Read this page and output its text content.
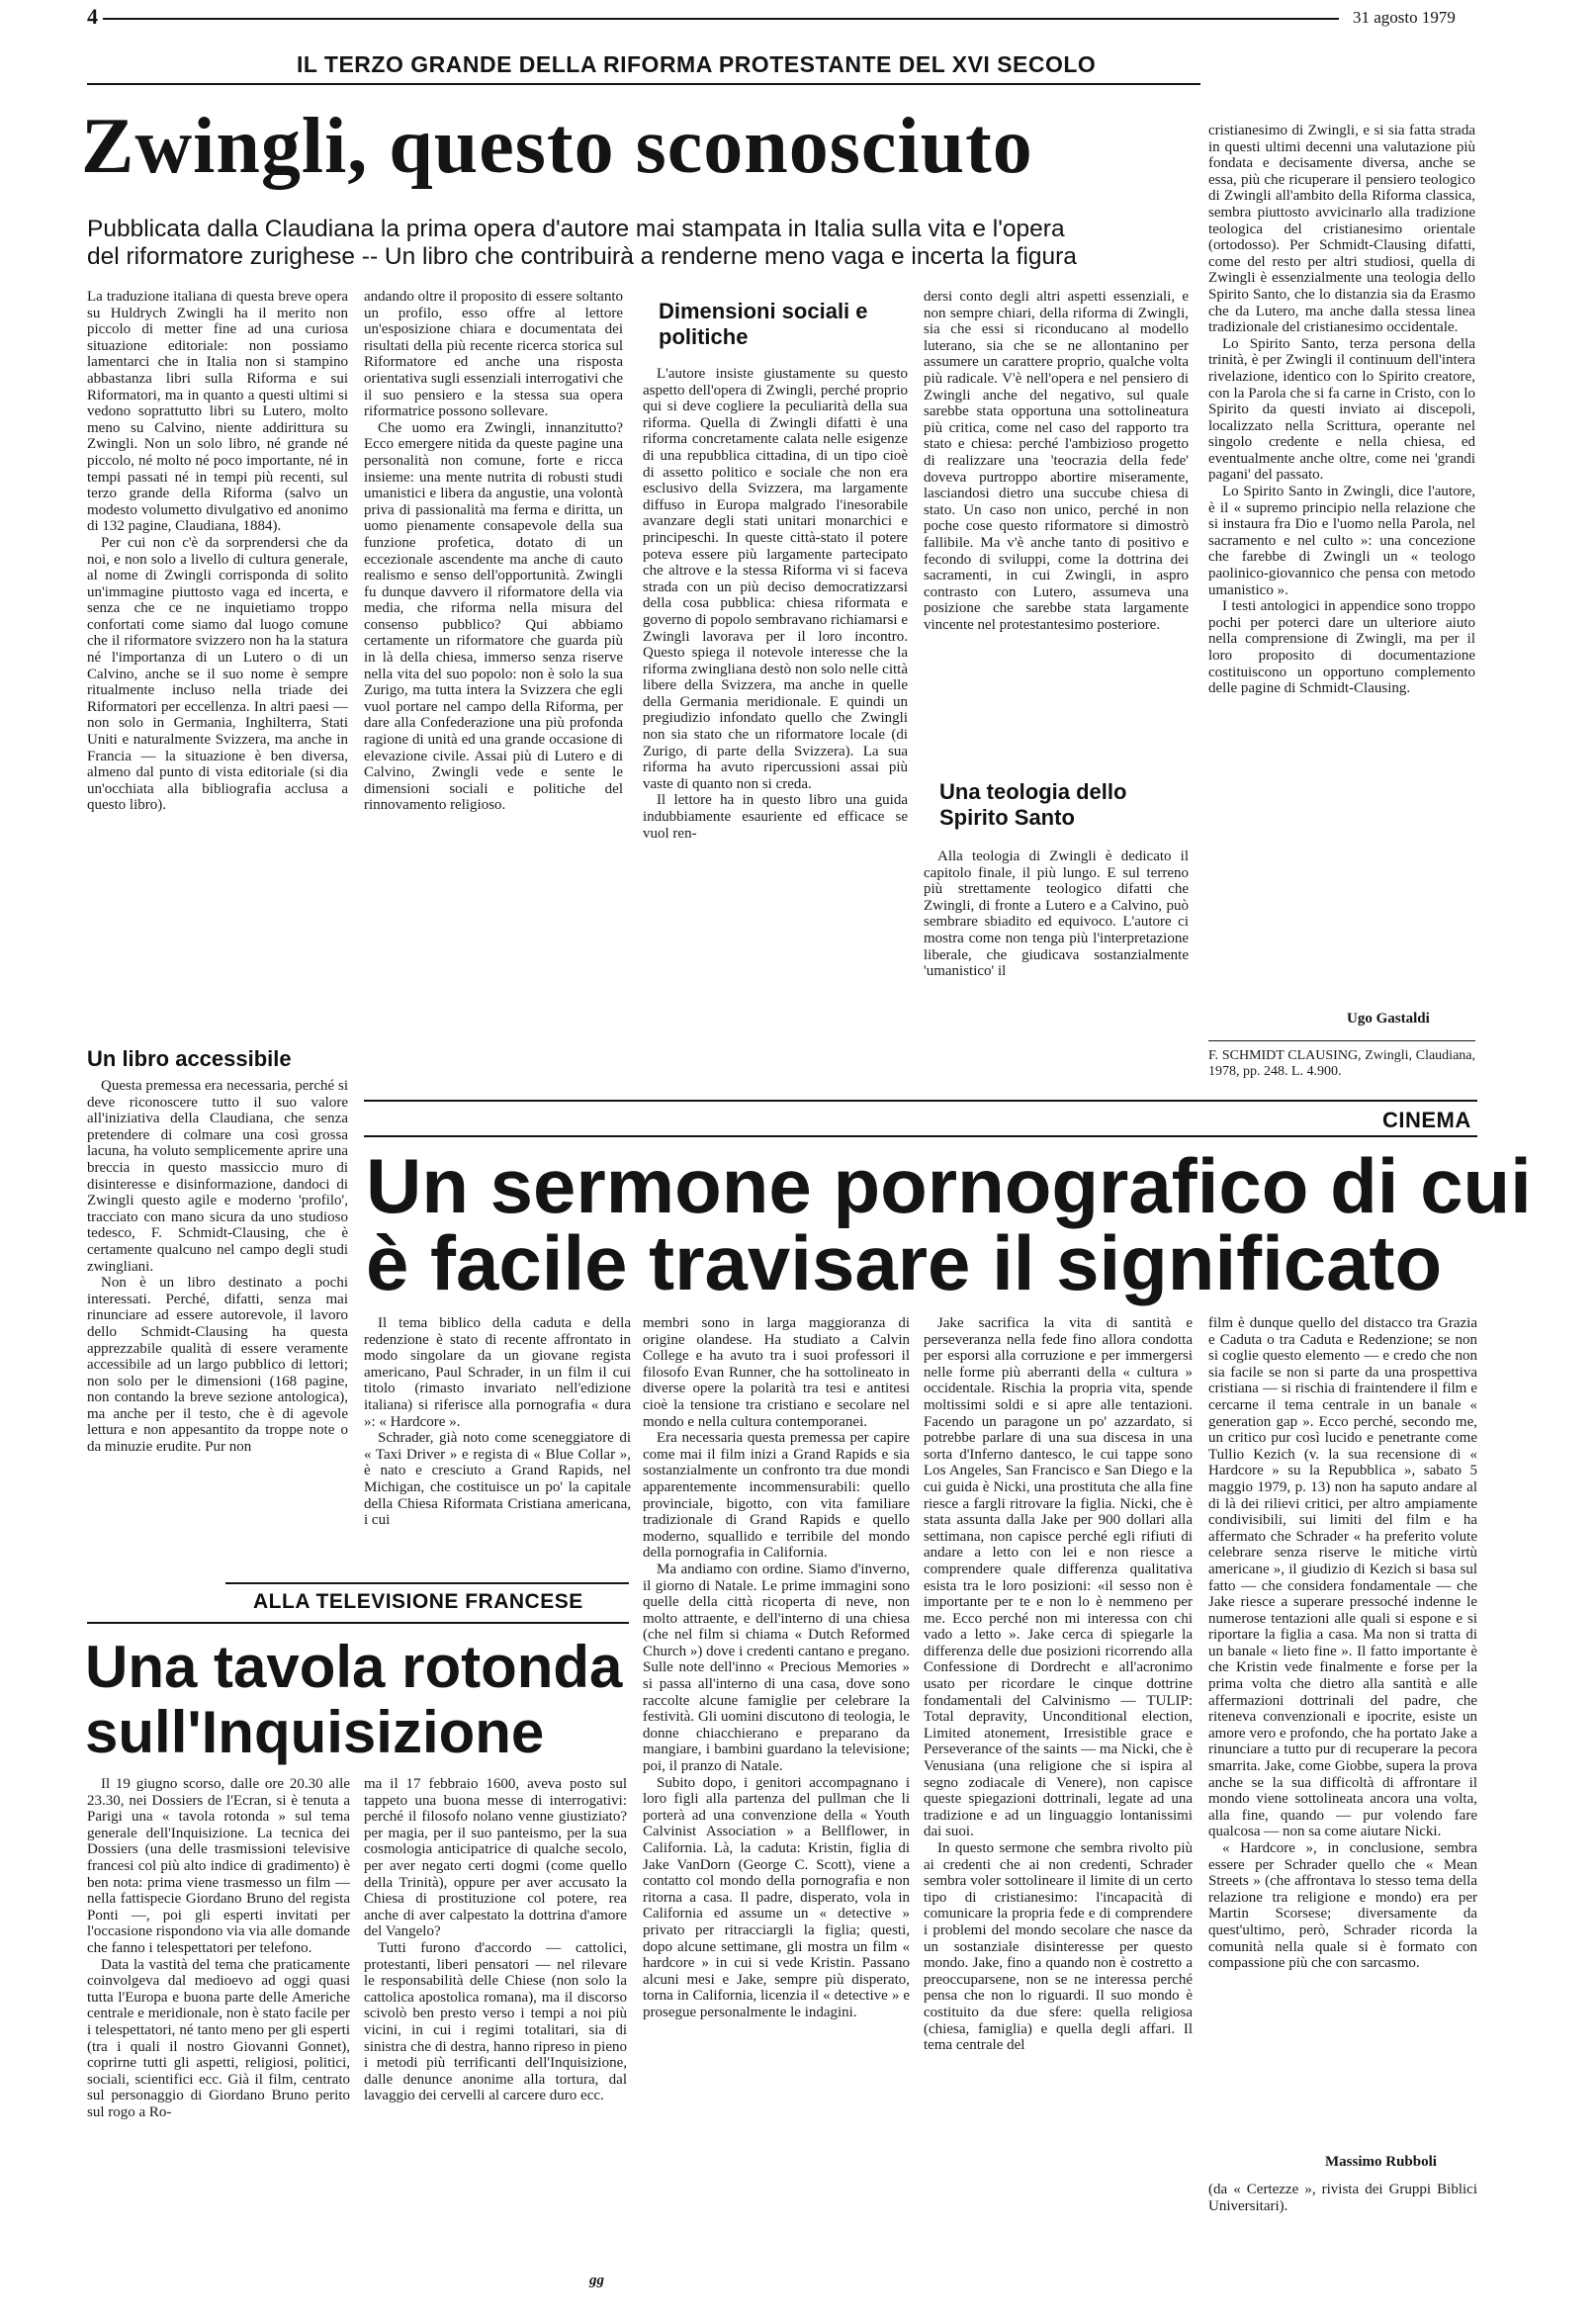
4	31 agosto 1979
IL TERZO GRANDE DELLA RIFORMA PROTESTANTE DEL XVI SECOLO
Zwingli, questo sconosciuto
Pubblicata dalla Claudiana la prima opera d'autore mai stampata in Italia sulla vita e l'opera
del riformatore zurighese -- Un libro che contribuirà a renderne meno vaga e incerta la figura

La traduzione italiana di questa breve opera su Huldrych Zwingli ha il merito non piccolo di metter fine ad una curiosa situazione editoriale: non possiamo lamentarci che in Italia non si stampino abbastanza libri sulla Riforma e sui Riformatori, ma in quanto a questi ultimi si vedono soprattutto libri su Lutero, molto meno su Calvino, niente addirittura su Zwingli. Non un solo libro, né grande né piccolo, né molto né poco importante, né in tempi passati né in tempi più recenti, sul terzo grande della Riforma (salvo un modesto volumetto divulgativo ed anonimo di 132 pagine, Claudiana, 1884).

Per cui non c'è da sorprendersi che da noi, e non solo a livello di cultura generale, al nome di Zwingli corrisponda di solito un'immagine piuttosto vaga ed incerta, e senza che ce ne inquietiamo troppo confortati come siamo dal luogo comune che il riformatore svizzero non ha la statura né l'importanza di un Lutero o di un Calvino, anche se il suo nome è sempre ritualmente incluso nella triade dei Riformatori per eccellenza. In altri paesi — non solo in Germania, Inghilterra, Stati Uniti e naturalmente Svizzera, ma anche in Francia — la situazione è ben diversa, almeno dal punto di vista editoriale (si dia un'occhiata alla bibliografia acclusa a questo libro).

Un libro accessibile

Questa premessa era necessaria, perché si deve riconoscere tutto il suo valore all'iniziativa della Claudiana, che senza pretendere di colmare una così grossa lacuna, ha voluto semplicemente aprire una breccia in questo massiccio muro di disinteresse e disinformazione, dandoci di Zwingli questo agile e moderno 'profilo', tracciato con mano sicura da uno studioso tedesco, F. Schmidt-Clausing, che è certamente qualcuno nel campo degli studi zwingliani.

Non è un libro destinato a pochi interessati. Perché, difatti, senza mai rinunciare ad essere autorevole, il lavoro dello Schmidt-Clausing ha questa apprezzabile qualità di essere veramente accessibile ad un largo pubblico di lettori; non solo per le dimensioni (168 pagine, non contando la breve sezione antologica), ma anche per il testo, che è di agevole lettura e non appesantito da troppe note o da minuzie erudite. Pur non

andando oltre il proposito di essere soltanto un profilo, esso offre al lettore un'esposizione chiara e documentata dei risultati della più recente ricerca storica sul Riformatore ed anche una risposta orientativa sugli essenziali interrogativi che il suo pensiero e la stessa sua opera riformatrice possono sollevare.

Che uomo era Zwingli, innanzitutto? Ecco emergere nitida da queste pagine una personalità non comune, forte e ricca insieme: una mente nutrita di robusti studi umanistici e libera da angustie, una volontà priva di passionalità ma ferma e diritta, un uomo pienamente consapevole della sua funzione profetica, dotato di un eccezionale ascendente ma anche di cauto realismo e senso dell'opportunità. Zwingli fu dunque davvero il riformatore della via media, che riforma nella misura del consenso pubblico? Qui abbiamo certamente un riformatore che guarda più in là della chiesa, immerso senza riserve nella vita del suo popolo: non è solo la sua Zurigo, ma tutta intera la Svizzera che egli vuol portare nel campo della Riforma, per dare alla Confederazione una più profonda ragione di unità ed una grande occasione di elevazione civile. Assai più di Lutero e di Calvino, Zwingli vede e sente le dimensioni sociali e politiche del rinnovamento religioso.

Dimensioni sociali e politiche

L'autore insiste giustamente su questo aspetto dell'opera di Zwingli, perché proprio qui si deve cogliere la peculiarità della sua riforma. Quella di Zwingli difatti è una riforma concretamente calata nelle esigenze di una repubblica cittadina, di un tipo cioè di assetto politico e sociale che non era esclusivo della Svizzera, ma largamente diffuso in Europa malgrado l'inesorabile avanzare degli stati unitari monarchici e principeschi. In queste città-stato il potere poteva essere più largamente partecipato che altrove e la stessa Riforma vi si faceva strada con un più deciso democratizzarsi della cosa pubblica: chiesa riformata e governo di popolo sembravano richiamarsi e Zwingli lavorava per il loro incontro. Questo spiega il notevole interesse che la riforma zwingliana destò non solo nelle città libere della Svizzera, ma anche in quelle della Germania meridionale. E quindi un pregiudizio infondato quello che Zwingli non sia stato che un riformatore locale (di Zurigo, di parte della Svizzera). La sua riforma ha avuto ripercussioni assai più vaste di quanto non si creda.

Il lettore ha in questo libro una guida indubbiamente esauriente ed efficace se vuol ren-

dersi conto degli altri aspetti essenziali, e non sempre chiari, della riforma di Zwingli, sia che essi si riconducano al modello luterano, sia che se ne allontanino per assumere un carattere proprio, qualche volta più radicale. V'è nell'opera e nel pensiero di Zwingli anche del negativo, sul quale sarebbe stata opportuna una sottolineatura più critica, come nel caso del rapporto tra stato e chiesa: perché l'ambizioso progetto di realizzare una 'teocrazia della fede' doveva purtroppo abortire miseramente, lasciandosi dietro una succube chiesa di stato. Un caso non unico, perché in non poche cose questo riformatore si dimostrò fallibile. Ma v'è anche tanto di positivo e fecondo di sviluppi, come la dottrina dei sacramenti, in cui Zwingli, in aspro contrasto con Lutero, assumeva una posizione che sarebbe stata largamente vincente nel protestantesimo posteriore.

Una teologia dello Spirito Santo

Alla teologia di Zwingli è dedicato il capitolo finale, il più lungo. E sul terreno più strettamente teologico difatti che Zwingli, di fronte a Lutero e a Calvino, può sembrare sbiadito ed equivoco. L'autore ci mostra come non tenga più l'interpretazione liberale, che giudicava sostanzialmente 'umanistico' il

cristianesimo di Zwingli, e si sia fatta strada in questi ultimi decenni una valutazione più fondata e decisamente diversa, anche se essa, più che ricuperare il pensiero teologico di Zwingli all'ambito della Riforma classica, sembra piuttosto avvicinarlo alla tradizione teologica del cristianesimo orientale (ortodosso). Per Schmidt-Clausing difatti, come del resto per altri studiosi, quella di Zwingli è essenzialmente una teologia dello Spirito Santo, che lo distanzia sia da Erasmo che da Lutero, ma anche dalla stessa linea tradizionale del cristianesimo occidentale.

Lo Spirito Santo, terza persona della trinità, è per Zwingli il continuum dell'intera rivelazione, identico con lo Spirito creatore, con la Parola che si fa carne in Cristo, con lo Spirito da questi inviato ai discepoli, localizzato nella Scrittura, operante nel singolo credente e nella chiesa, ed eventualmente anche oltre, come nei 'grandi pagani' del passato.

Lo Spirito Santo in Zwingli, dice l'autore, è il « supremo principio nella relazione che si instaura fra Dio e l'uomo nella Parola, nel sacramento e nel culto »: una concezione che farebbe di Zwingli un « teologo paolinico-giovannico che pensa con metodo umanistico ».

I testi antologici in appendice sono troppo pochi per poterci dare un ulteriore aiuto nella comprensione di Zwingli, ma per il loro proposito di documentazione costituiscono un opportuno complemento delle pagine di Schmidt-Clausing.

Ugo Gastaldi

F. SCHMIDT CLAUSING, Zwingli, Claudiana, 1978, pp. 248. L. 4.900.

CINEMA
Un sermone pornografico di cui
è facile travisare il significato

Il tema biblico della caduta e della redenzione è stato di recente affrontato in modo singolare da un giovane regista americano, Paul Schrader, in un film il cui titolo (rimasto invariato nell'edizione italiana) si riferisce alla pornografia « dura »: « Hardcore ».

Schrader, già noto come sceneggiatore di « Taxi Driver » e regista di « Blue Collar », è nato e cresciuto a Grand Rapids, nel Michigan, che costituisce un po' la capitale della Chiesa Riformata Cristiana americana, i cui

membri sono in larga maggioranza di origine olandese. Ha studiato a Calvin College e ha avuto tra i suoi professori il filosofo Evan Runner, che ha sottolineato in diverse opere la polarità tra tesi e antitesi cioè la tensione tra cristiano e secolare nel mondo e nella cultura contemporanei.

Era necessaria questa premessa per capire come mai il film inizi a Grand Rapids e sia sostanzialmente un confronto tra due mondi apparentemente incommensurabili: quello provinciale, bigotto, con vita familiare tradizionale di Grand Rapids e quello moderno, squallido e terribile del mondo della pornografia in California.

Ma andiamo con ordine. Siamo d'inverno, il giorno di Natale. Le prime immagini sono quelle della città ricoperta di neve, non molto attraente, e dell'interno di una chiesa (che nel film si chiama « Dutch Reformed Church ») dove i credenti cantano e pregano. Sulle note dell'inno « Precious Memories » si passa all'interno di una casa, dove sono raccolte alcune famiglie per celebrare la festività. Gli uomini discutono di teologia, le donne chiacchierano e preparano da mangiare, i bambini guardano la televisione; poi, il pranzo di Natale.

Subito dopo, i genitori accompagnano i loro figli alla partenza del pullman che li porterà ad una convenzione della « Youth Calvinist Association » a Bellflower, in California. Là, la caduta: Kristin, figlia di Jake VanDorn (George C. Scott), viene a contatto col mondo della pornografia e non ritorna a casa. Il padre, disperato, vola in California ed assume un « detective » privato per ritracciargli la figlia; questi, dopo alcune settimane, gli mostra un film « hardcore » in cui si vede Kristin. Passano alcuni mesi e Jake, sempre più disperato, torna in California, licenzia il « detective » e prosegue personalmente le indagini.

Jake sacrifica la vita di santità e perseveranza nella fede fino allora condotta per esporsi alla corruzione e per immergersi nelle forme più aberranti della « cultura » occidentale. Rischia la propria vita, spende moltissimi soldi e si apre alle tentazioni. Facendo un paragone un po' azzardato, si potrebbe parlare di una sua discesa in una sorta d'Inferno dantesco, le cui tappe sono Los Angeles, San Francisco e San Diego e la cui guida è Nicki, una prostituta che alla fine riesce a fargli ritrovare la figlia. Nicki, che è stata assunta dalla Jake per 900 dollari alla settimana, non capisce perché egli rifiuti di andare a letto con lei e non riesce a comprendere quale differenza qualitativa esista tra le loro posizioni: «il sesso non è importante per te e non lo è nemmeno per me. Ecco perché non mi interessa con chi vado a letto ». Jake cerca di spiegarle la differenza delle due posizioni ricorrendo alla Confessione di Dordrecht e all'acronimo usato per ricordare le cinque dottrine fondamentali del Calvinismo — TULIP: Total depravity, Unconditional election, Limited atonement, Irresistible grace e Perseverance of the saints — ma Nicki, che è Venusiana (una religione che si ispira al segno zodiacale di Venere), non capisce queste spiegazioni dottrinali, legate ad una tradizione e ad un linguaggio lontanissimi dai suoi.

In questo sermone che sembra rivolto più ai credenti che ai non credenti, Schrader sembra voler sottolineare il limite di un certo tipo di cristianesimo: l'incapacità di comunicare la propria fede e di comprendere i problemi del mondo secolare che nasce da un sostanziale disinteresse per questo mondo. Jake, fino a quando non è costretto a preoccuparsene, non se ne interessa perché pensa che non lo riguardi. Il suo mondo è costituito da due sfere: quella religiosa (chiesa, famiglia) e quella degli affari. Il tema centrale del

film è dunque quello del distacco tra Grazia e Caduta o tra Caduta e Redenzione; se non si coglie questo elemento — e credo che non sia facile se non si parte da una prospettiva cristiana — si rischia di fraintendere il film e cercarne il tema centrale in un banale « generation gap ». Ecco perché, secondo me, un critico pur così lucido e penetrante come Tullio Kezich (v. la sua recensione di « Hardcore » su la Repubblica », sabato 5 maggio 1979, p. 13) non ha saputo andare al di là dei rilievi critici, per altro ampiamente condivisibili, sui limiti del film e ha affermato che Schrader « ha preferito volute celebrare senza riserve le mitiche virtù americane », il giudizio di Kezich si basa sul fatto — che considera fondamentale — che Jake riesce a superare pressoché indenne le numerose tentazioni alle quali si espone e si riportare la figlia a casa. Ma non si tratta di un banale « lieto fine ». Il fatto importante è che Kristin vede finalmente e forse per la prima volta che dietro alla santità e alle affermazioni dottrinali del padre, che riteneva convenzionali e ipocrite, esiste un amore vero e profondo, che ha portato Jake a rinunciare a tutto pur di recuperare la pecora smarrita. Jake, come Giobbe, supera la prova anche se la sua difficoltà di affrontare il mondo viene sottolineata ancora una volta, alla fine, quando — pur volendo fare qualcosa — non sa come aiutare Nicki.

« Hardcore », in conclusione, sembra essere per Schrader quello che « Mean Streets » (che affrontava lo stesso tema della relazione tra religione e mondo) era per Martin Scorsese; diversamente da quest'ultimo, però, Schrader ricorda la comunità nella quale si è formato con compassione più che con sarcasmo.

Massimo Rubboli

(da « Certezze », rivista dei Gruppi Biblici Universitari).

ALLA TELEVISIONE FRANCESE
Una tavola rotonda
sull'Inquisizione

Il 19 giugno scorso, dalle ore 20.30 alle 23.30, nei Dossiers de l'Ecran, si è tenuta a Parigi una « tavola rotonda » sul tema generale dell'Inquisizione. La tecnica dei Dossiers (una delle trasmissioni televisive francesi col più alto indice di gradimento) è ben nota: prima viene trasmesso un film — nella fattispecie Giordano Bruno del regista Ponti —, poi gli esperti invitati per l'occasione rispondono via via alle domande che fanno i telespettatori per telefono.

Data la vastità del tema che praticamente coinvolgeva dal medioevo ad oggi quasi tutta l'Europa e buona parte delle Americhe centrale e meridionale, non è stato facile per i telespettatori, né tanto meno per gli esperti (tra i quali il nostro Giovanni Gonnet), coprirne tutti gli aspetti, religiosi, politici, sociali, scientifici ecc. Già il film, centrato sul personaggio di Giordano Bruno perito sul rogo a Ro-

ma il 17 febbraio 1600, aveva posto sul tappeto una buona messe di interrogativi: perché il filosofo nolano venne giustiziato? per magia, per il suo panteismo, per la sua cosmologia anticipatrice di qualche secolo, per aver negato certi dogmi (come quello della Trinità), oppure per aver accusato la Chiesa di prostituzione col potere, rea anche di aver calpestato la dottrina d'amore del Vangelo?

Tutti furono d'accordo — cattolici, protestanti, liberi pensatori — nel rilevare le responsabilità delle Chiese (non solo la cattolica apostolica romana), ma il discorso scivolò ben presto verso i tempi a noi più vicini, in cui i regimi totalitari, sia di sinistra che di destra, hanno ripreso in pieno i metodi più terrificanti dell'Inquisizione, dalle denunce anonime alla tortura, dal lavaggio dei cervelli al carcere duro ecc.

gg
